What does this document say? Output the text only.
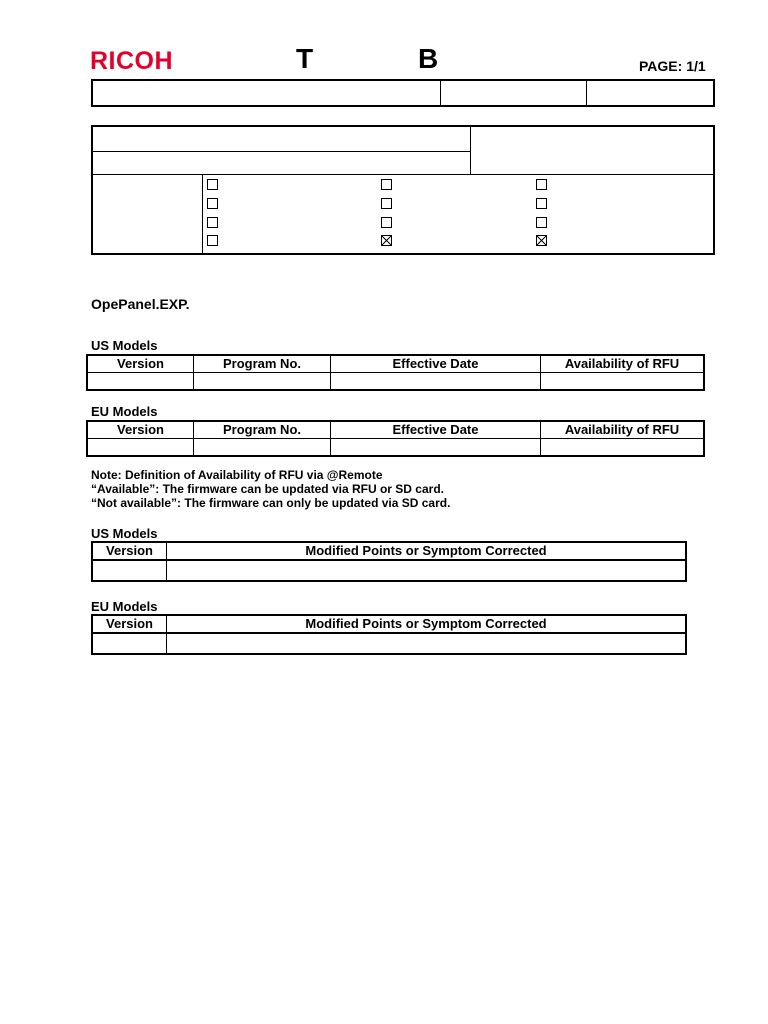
RICOH	T	B	PAGE: 1/1
OpePanel.EXP.
US Models
Version	Program No.	Effective Date	Availability of RFU

EU Models
Version	Program No.	Effective Date	Availability of RFU

Note: Definition of Availability of RFU via @Remote
“Available”: The firmware can be updated via RFU or SD card.
“Not available”: The firmware can only be updated via SD card.
US Models
Version	Modified Points or Symptom Corrected

EU Models
Version	Modified Points or Symptom Corrected
